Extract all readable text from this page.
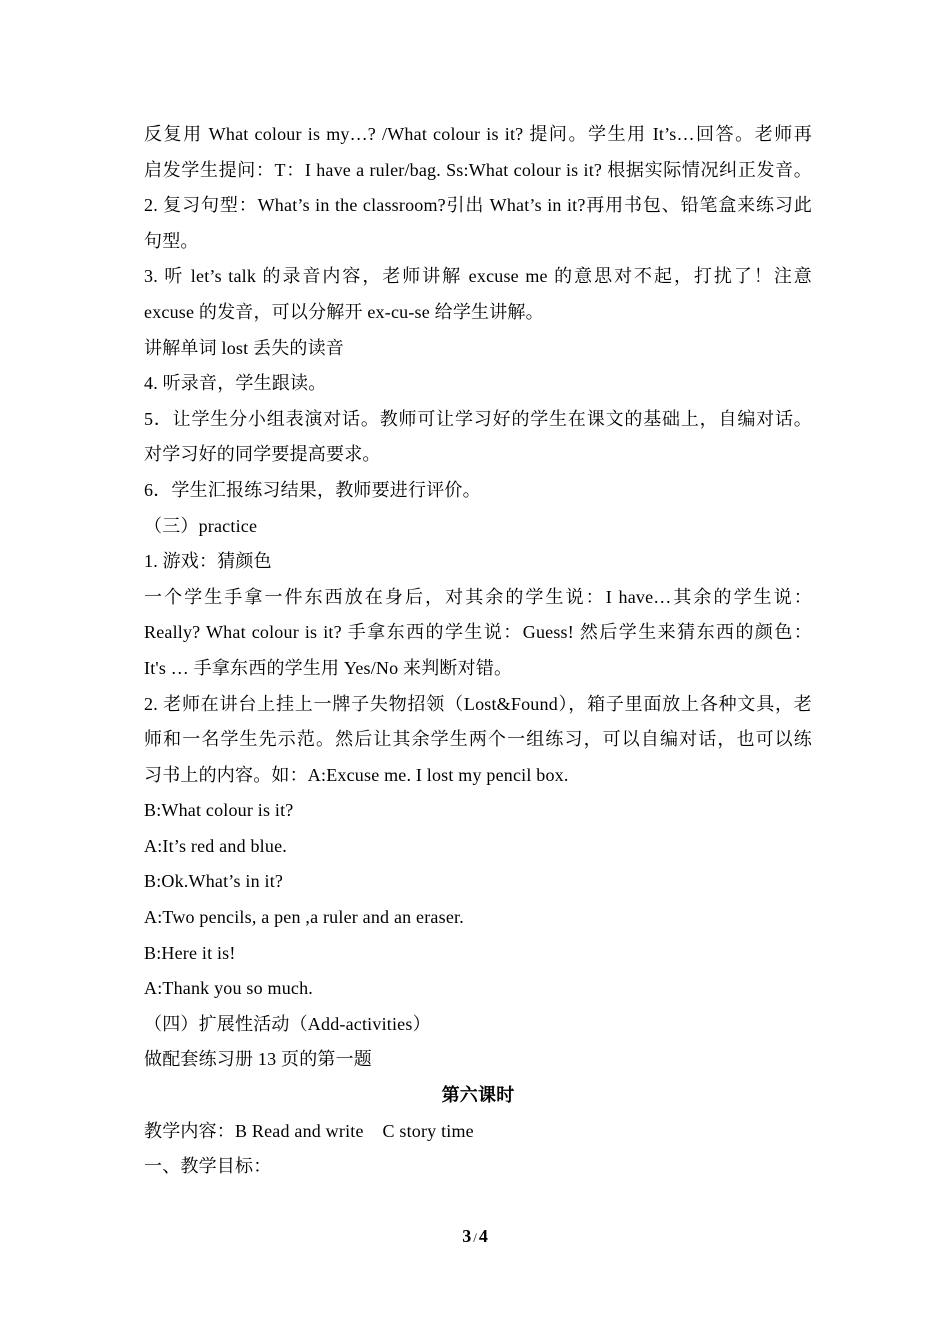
反复用 What colour is my…? /What colour is it? 提问。学生用 It’s…回答。老师再
启发学生提问：T：I have a ruler/bag. Ss:What colour is it? 根据实际情况纠正发音。
2. 复习句型：What’s in the classroom?引出 What’s in it?再用书包、铅笔盒来练习此
句型。
3. 听 let’s talk 的录音内容，老师讲解 excuse me 的意思对不起，打扰了！注意
excuse 的发音，可以分解开 ex-cu-se 给学生讲解。
讲解单词 lost 丢失的读音
4. 听录音，学生跟读。
5．让学生分小组表演对话。教师可让学习好的学生在课文的基础上，自编对话。
对学习好的同学要提高要求。
6．学生汇报练习结果，教师要进行评价。
（三）practice
1. 游戏：猜颜色
一个学生手拿一件东西放在身后，对其余的学生说：I have…其余的学生说：
Really? What colour is it? 手拿东西的学生说：Guess! 然后学生来猜东西的颜色：
It's … 手拿东西的学生用 Yes/No 来判断对错。
2. 老师在讲台上挂上一牌子失物招领（Lost&Found），箱子里面放上各种文具，老
师和一名学生先示范。然后让其余学生两个一组练习，可以自编对话，也可以练
习书上的内容。如：A:Excuse me. I lost my pencil box.
B:What colour is it?
A:It’s red and blue.
B:Ok.What’s in it?
A:Two pencils, a pen ,a ruler and an eraser.
B:Here it is!
A:Thank you so much.
（四）扩展性活动（Add-activities）
做配套练习册 13 页的第一题
第六课时
教学内容：B Read and write    C story time
一、教学目标：
3 / 4
